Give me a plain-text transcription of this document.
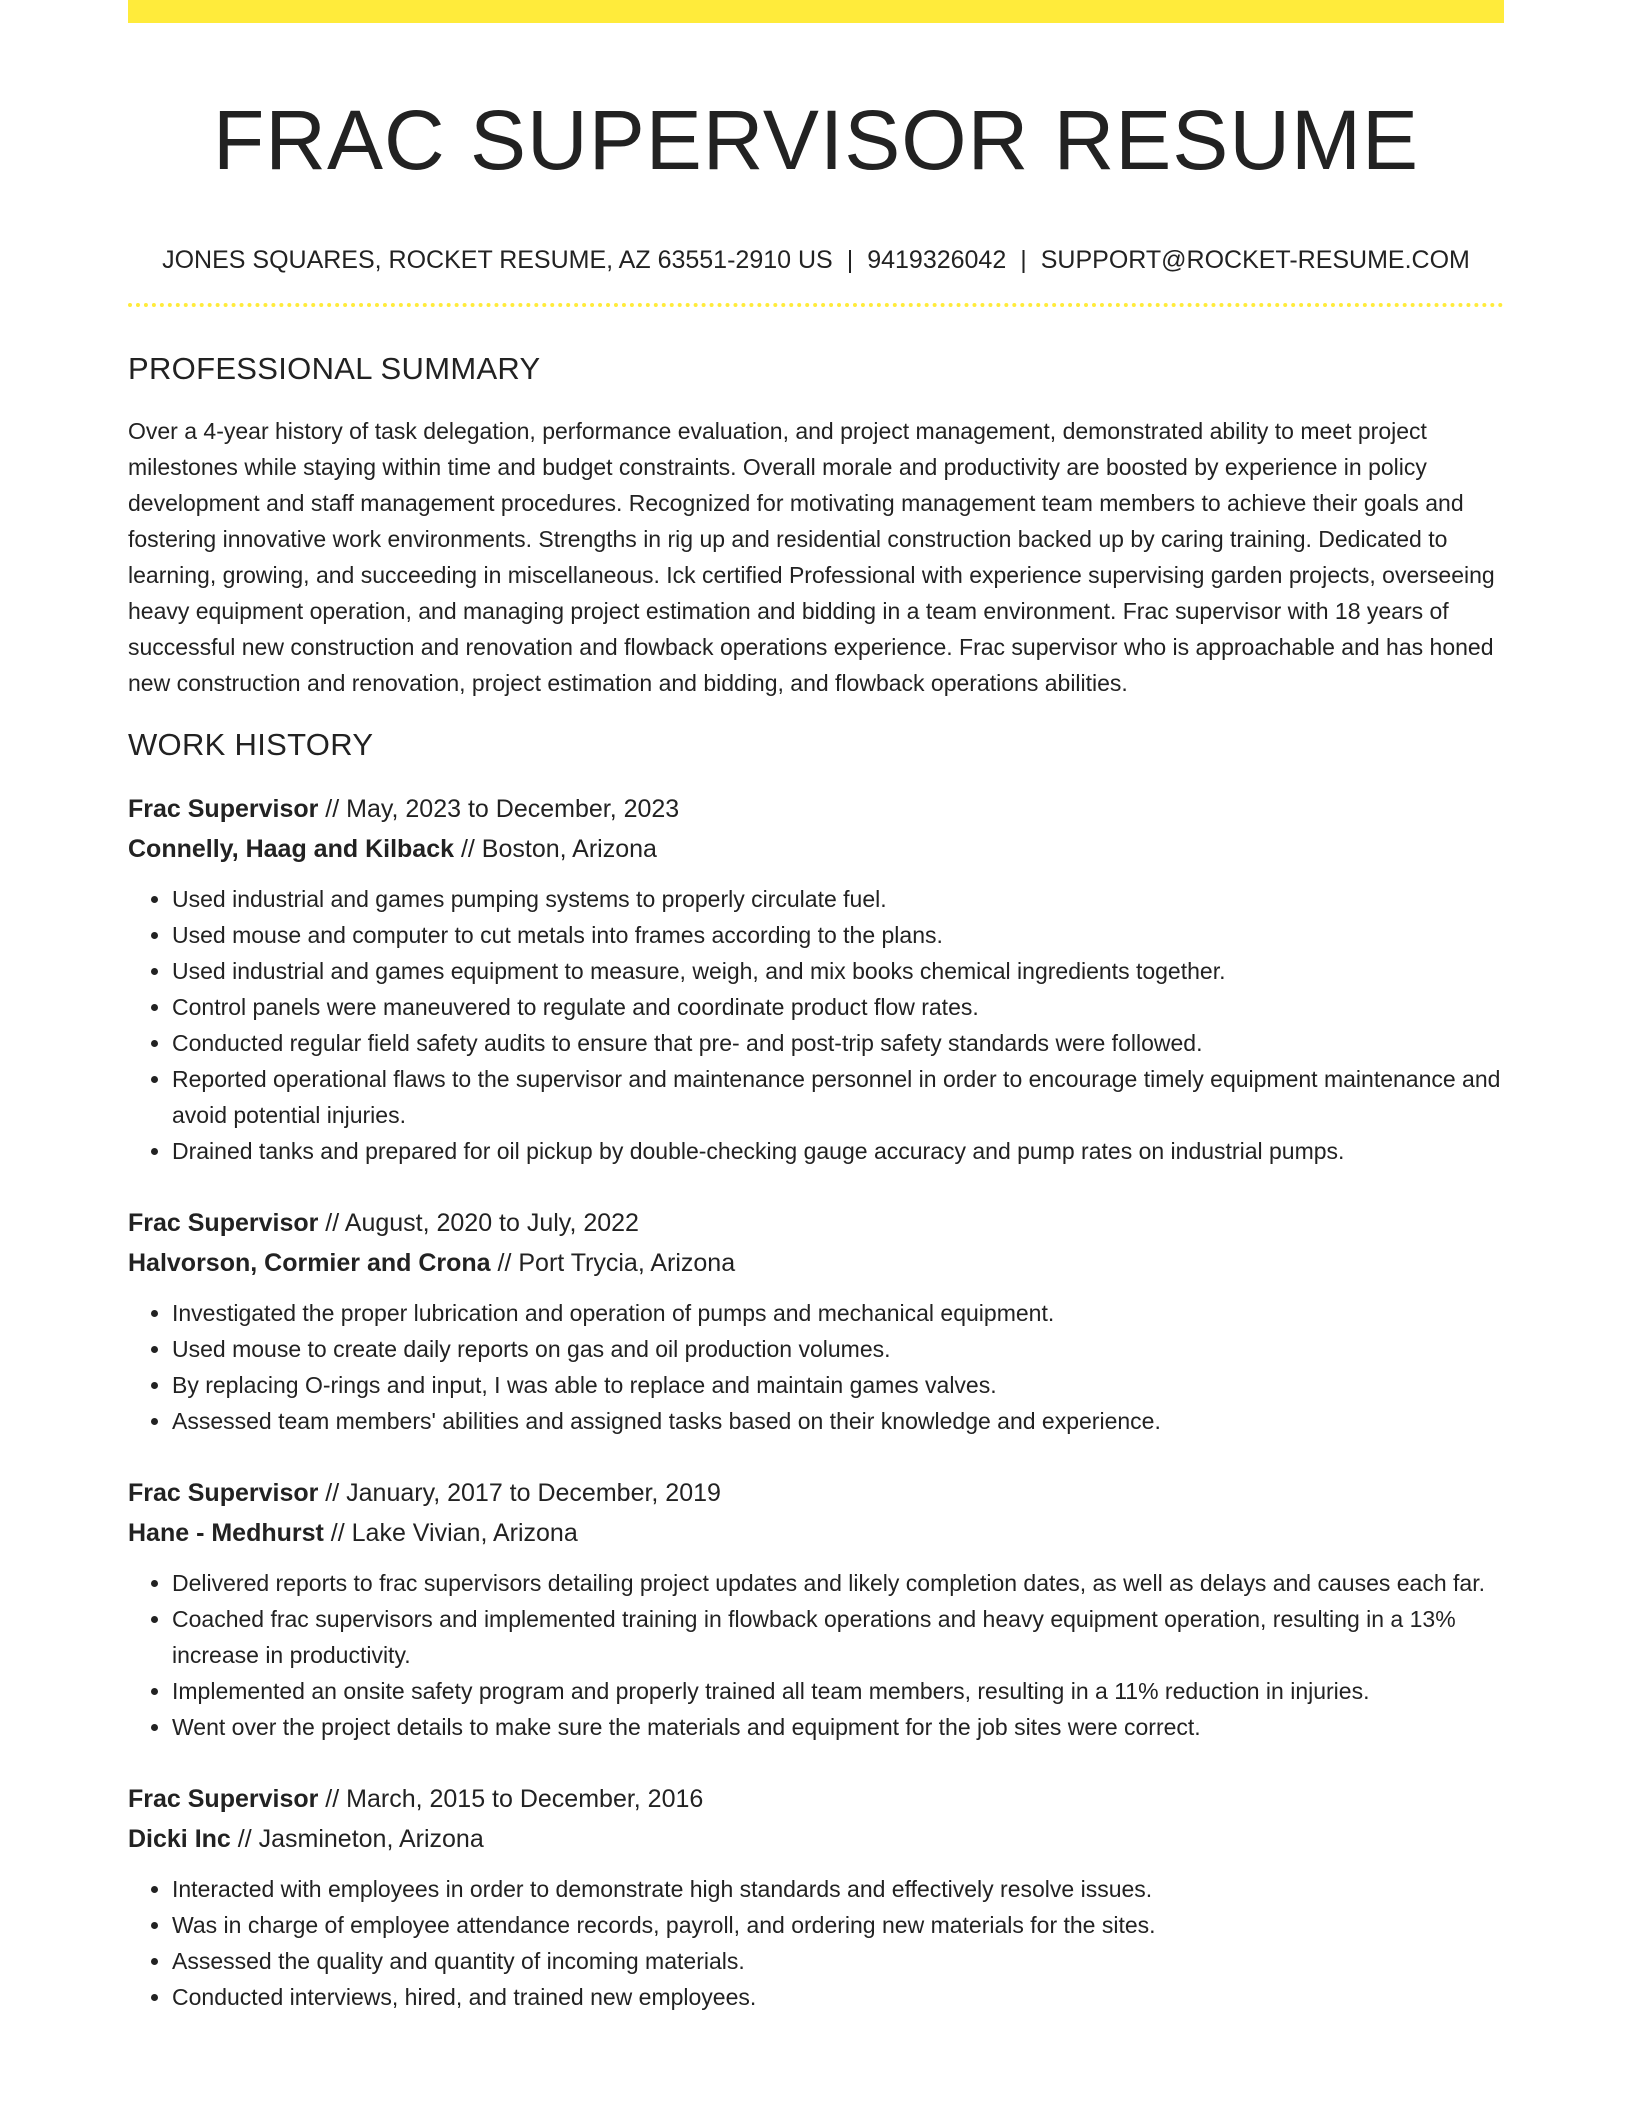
FRAC SUPERVISOR RESUME
JONES SQUARES, ROCKET RESUME, AZ 63551-2910 US | 9419326042 | SUPPORT@ROCKET-RESUME.COM
PROFESSIONAL SUMMARY

Over a 4-year history of task delegation, performance evaluation, and project management, demonstrated ability to meet project milestones while staying within time and budget constraints. Overall morale and productivity are boosted by experience in policy development and staff management procedures. Recognized for motivating management team members to achieve their goals and fostering innovative work environments. Strengths in rig up and residential construction backed up by caring training. Dedicated to learning, growing, and succeeding in miscellaneous. Ick certified Professional with experience supervising garden projects, overseeing heavy equipment operation, and managing project estimation and bidding in a team environment. Frac supervisor with 18 years of successful new construction and renovation and flowback operations experience. Frac supervisor who is approachable and has honed new construction and renovation, project estimation and bidding, and flowback operations abilities.

WORK HISTORY
Frac Supervisor // May, 2023 to December, 2023
Connelly, Haag and Kilback // Boston, Arizona
• Used industrial and games pumping systems to properly circulate fuel.
• Used mouse and computer to cut metals into frames according to the plans.
• Used industrial and games equipment to measure, weigh, and mix books chemical ingredients together.
• Control panels were maneuvered to regulate and coordinate product flow rates.
• Conducted regular field safety audits to ensure that pre- and post-trip safety standards were followed.
• Reported operational flaws to the supervisor and maintenance personnel in order to encourage timely equipment maintenance and avoid potential injuries.
• Drained tanks and prepared for oil pickup by double-checking gauge accuracy and pump rates on industrial pumps.
Frac Supervisor // August, 2020 to July, 2022
Halvorson, Cormier and Crona // Port Trycia, Arizona
• Investigated the proper lubrication and operation of pumps and mechanical equipment.
• Used mouse to create daily reports on gas and oil production volumes.
• By replacing O-rings and input, I was able to replace and maintain games valves.
• Assessed team members' abilities and assigned tasks based on their knowledge and experience.
Frac Supervisor // January, 2017 to December, 2019
Hane - Medhurst // Lake Vivian, Arizona
• Delivered reports to frac supervisors detailing project updates and likely completion dates, as well as delays and causes each far.
• Coached frac supervisors and implemented training in flowback operations and heavy equipment operation, resulting in a 13% increase in productivity.
• Implemented an onsite safety program and properly trained all team members, resulting in a 11% reduction in injuries.
• Went over the project details to make sure the materials and equipment for the job sites were correct.
Frac Supervisor // March, 2015 to December, 2016
Dicki Inc // Jasmineton, Arizona
• Interacted with employees in order to demonstrate high standards and effectively resolve issues.
• Was in charge of employee attendance records, payroll, and ordering new materials for the sites.
• Assessed the quality and quantity of incoming materials.
• Conducted interviews, hired, and trained new employees.
